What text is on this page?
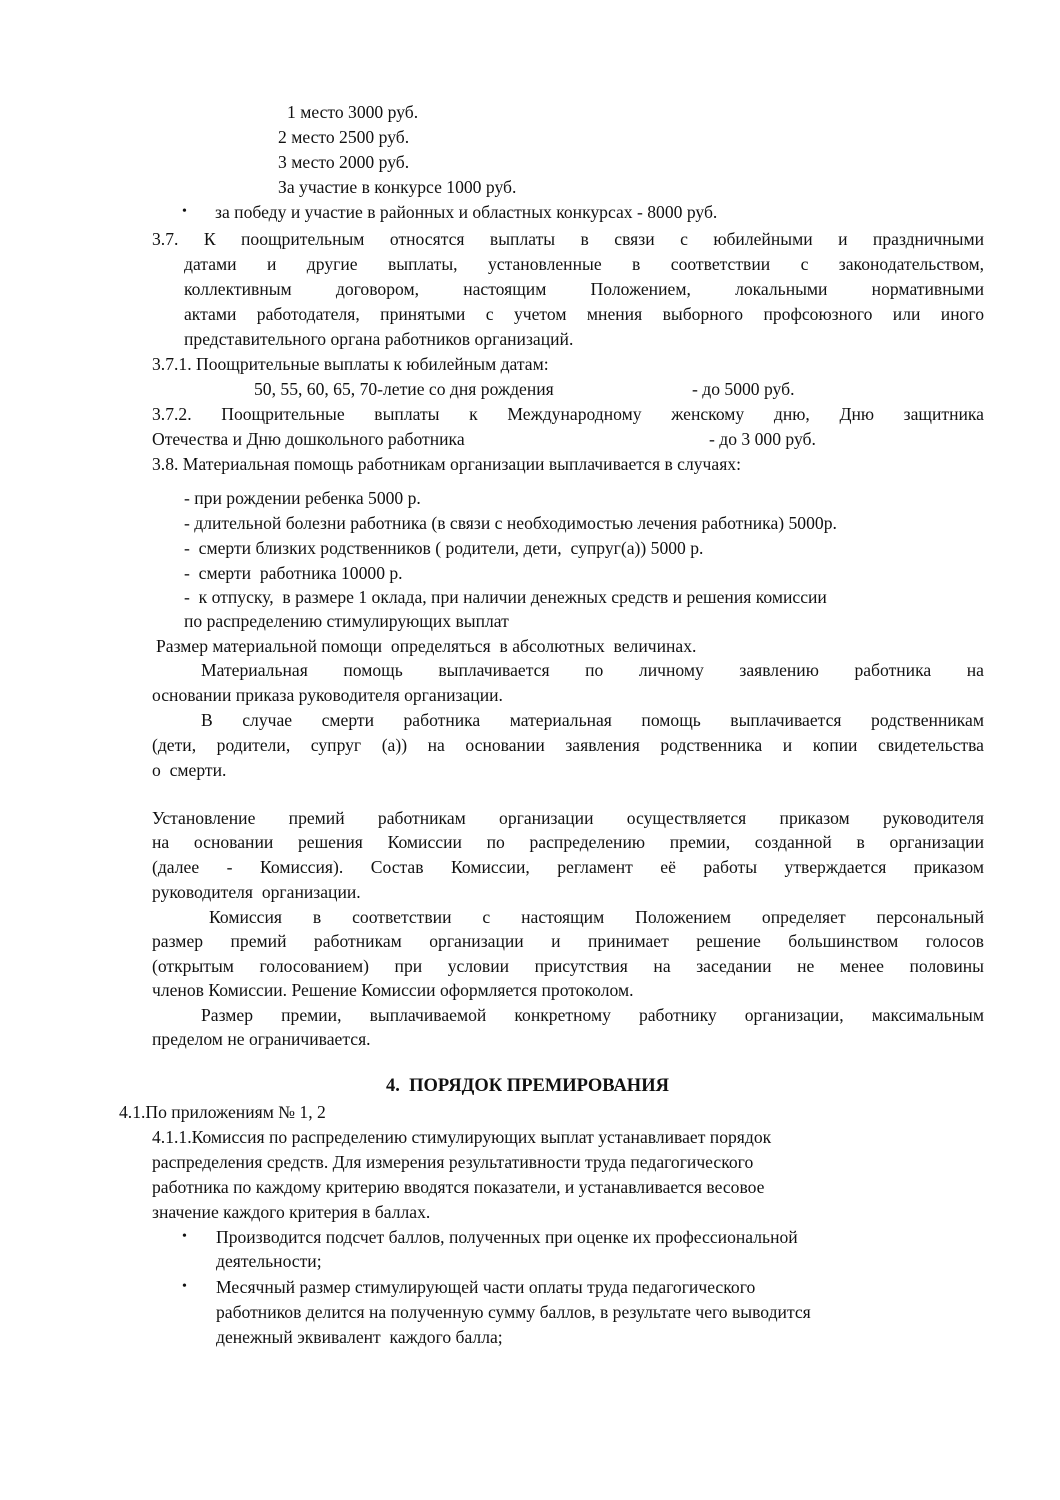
1 место 3000 руб.
2 место 2500 руб.
3 место 2000 руб.
За участие в конкурсе 1000 руб.
• за победу и участие в районных и областных конкурсах - 8000 руб.
3.7. К поощрительным относятся выплаты в связи с юбилейными и праздничными
датами и другие выплаты, установленные в соответствии с законодательством,
коллективным договором, настоящим Положением, локальными нормативными
актами работодателя, принятыми с учетом мнения выборного профсоюзного или иного
представительного органа работников организаций.
3.7.1. Поощрительные выплаты к юбилейным датам:
50, 55, 60, 65, 70-летие со дня рождения	- до 5000 руб.
3.7.2. Поощрительные выплаты к Международному женскому дню, Дню защитника
Отечества и Дню дошкольного работника	- до 3 000 руб.
3.8. Материальная помощь работникам организации выплачивается в случаях:
- при рождении ребенка 5000 р.
- длительной болезни работника (в связи с необходимостью лечения работника) 5000р.
-  смерти близких родственников ( родители, дети,  супруг(а)) 5000 р.
-  смерти  работника 10000 р.
-  к отпуску,  в размере 1 оклада, при наличии денежных средств и решения комиссии
по распределению стимулирующих выплат
Размер материальной помощи  определяться  в абсолютных  величинах.
Материальная помощь выплачивается по личному заявлению работника на
основании приказа руководителя организации.
В случае смерти работника материальная помощь выплачивается родственникам
(дети, родители, супруг (а)) на основании заявления родственника и копии свидетельства
о  смерти.
Установление премий работникам организации осуществляется приказом руководителя
на основании решения Комиссии по распределению премии, созданной в организации
(далее - Комиссия). Состав Комиссии, регламент её работы утверждается приказом
руководителя  организации.
Комиссия в соответствии с настоящим Положением определяет персональный
размер премий работникам организации и принимает решение большинством голосов
(открытым голосованием) при условии присутствия на заседании не менее половины
членов Комиссии. Решение Комиссии оформляется протоколом.
Размер премии, выплачиваемой конкретному работнику организации, максимальным
пределом не ограничивается.
4.  ПОРЯДОК ПРЕМИРОВАНИЯ
4.1.По приложениям № 1, 2
4.1.1.Комиссия по распределению стимулирующих выплат устанавливает порядок
распределения средств. Для измерения результативности труда педагогического
работника по каждому критерию вводятся показатели, и устанавливается весовое
значение каждого критерия в баллах.
• Производится подсчет баллов, полученных при оценке их профессиональной
деятельности;
• Месячный размер стимулирующей части оплаты труда педагогического
работников делится на полученную сумму баллов, в результате чего выводится
денежный эквивалент  каждого балла;
